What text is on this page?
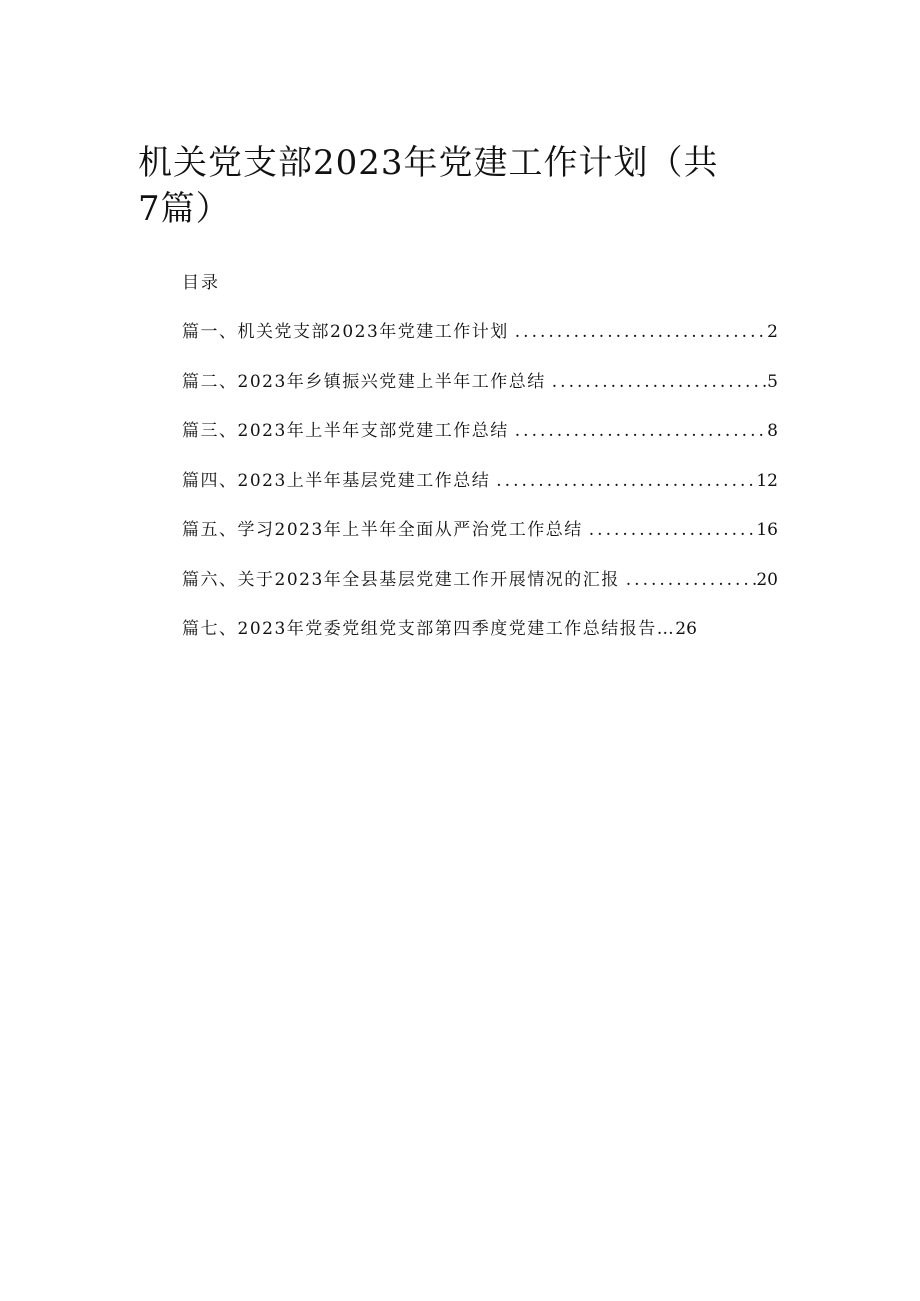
机关党支部2023年党建工作计划（共7篇）

目录

篇一、机关党支部2023年党建工作计划 .....	2
篇二、2023年乡镇振兴党建上半年工作总结 .....	5
篇三、2023年上半年支部党建工作总结 .....	8
篇四、2023上半年基层党建工作总结 .....	12
篇五、学习2023年上半年全面从严治党工作总结 .....	16
篇六、关于2023年全县基层党建工作开展情况的汇报 .....	20
篇七、2023年党委党组党支部第四季度党建工作总结报告… 26
